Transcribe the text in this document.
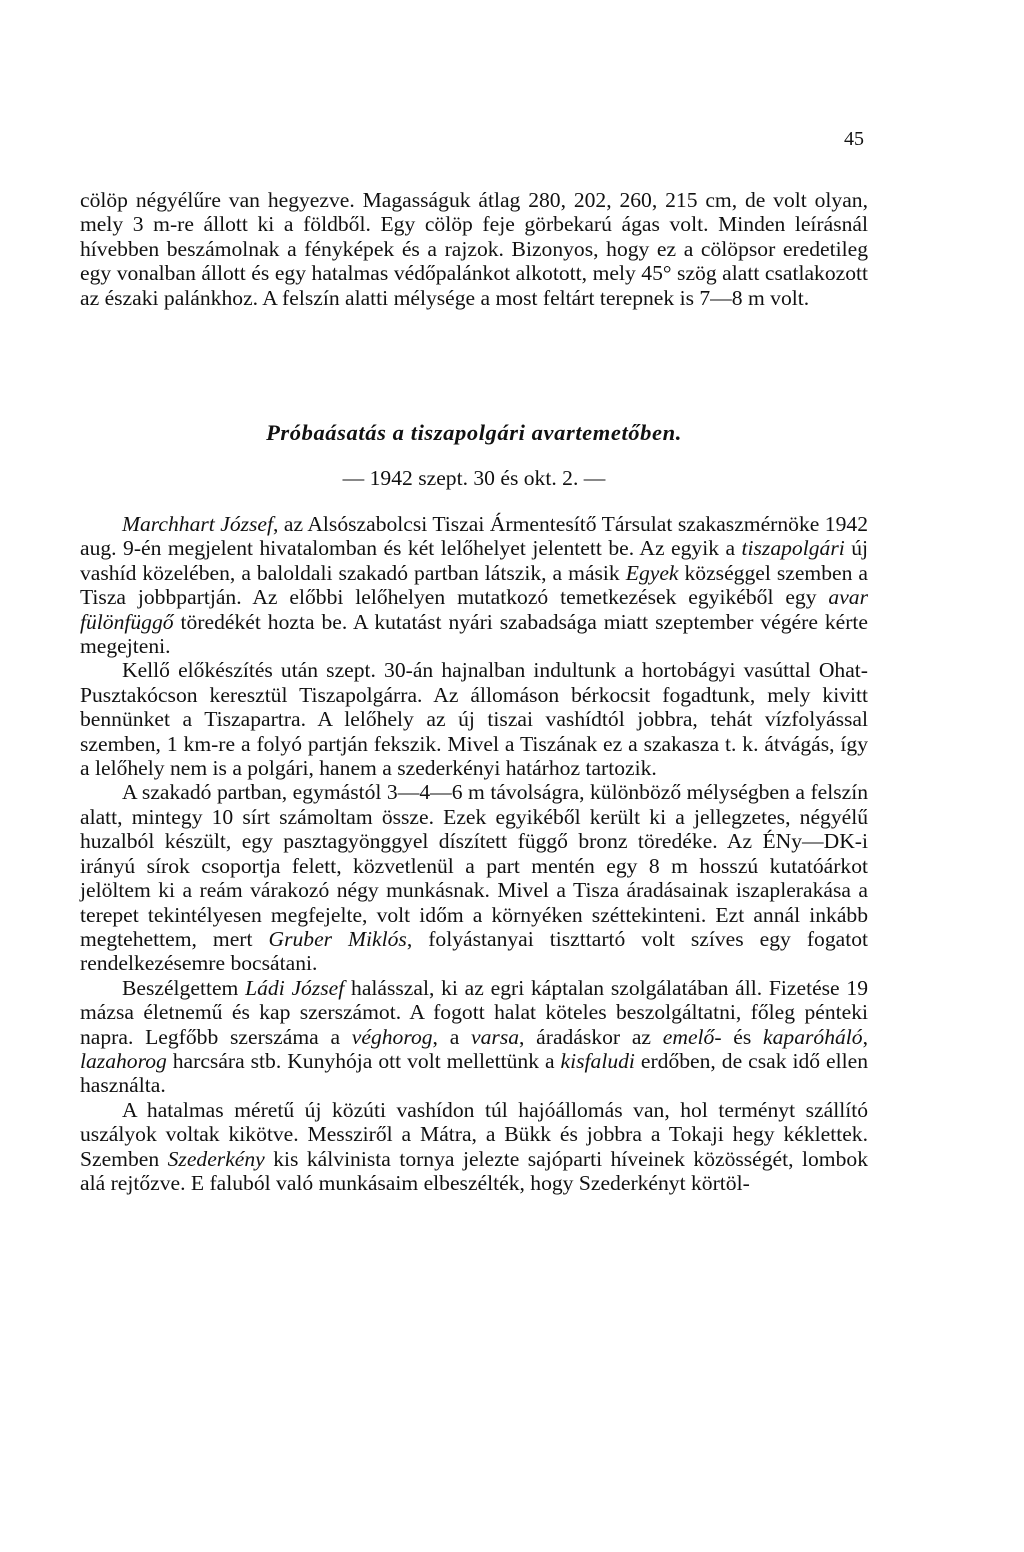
45

cölöp négyélűre van hegyezve. Magasságuk átlag 280, 202, 260, 215 cm, de volt olyan, mely 3 m-re állott ki a földből. Egy cölöp feje görbekarú ágas volt. Minden leírásnál hívebben beszámolnak a fényképek és a rajzok. Bizonyos, hogy ez a cölöpsor eredetileg egy vonalban állott és egy hatalmas védőpalánkot alkotott, mely 45° szög alatt csatlakozott az északi palánkhoz. A felszín alatti mélysége a most feltárt terepnek is 7—8 m volt.

Próbaásatás a tiszapolgári avartemetőben.
— 1942 szept. 30 és okt. 2. —

Marchhart József, az Alsószabolcsi Tiszai Ármentesítő Társulat szakaszmérnöke 1942 aug. 9-én megjelent hivatalomban és két lelőhelyet jelentett be. Az egyik a tiszapolgári új vashíd közelében, a baloldali szakadó partban látszik, a másik Egyek községgel szemben a Tisza jobbpartján. Az előbbi lelőhelyen mutatkozó temetkezések egyikéből egy avar fülönfüggő töredékét hozta be. A kutatást nyári szabadsága miatt szeptember végére kérte megejteni.

Kellő előkészítés után szept. 30-án hajnalban indultunk a hortobágyi vasúttal Ohat-Pusztakócson keresztül Tiszapolgárra. Az állomáson bérkocsit fogadtunk, mely kivitt bennünket a Tiszapartra. A lelőhely az új tiszai vashídtól jobbra, tehát vízfolyással szemben, 1 km-re a folyó partján fekszik. Mivel a Tiszának ez a szakasza t. k. átvágás, így a lelőhely nem is a polgári, hanem a szederkényi határhoz tartozik.

A szakadó partban, egymástól 3—4—6 m távolságra, különböző mélységben a felszín alatt, mintegy 10 sírt számoltam össze. Ezek egyikéből került ki a jellegzetes, négyélű huzalból készült, egy pasztagyönggyel díszített függő bronz töredéke. Az ÉNy—DK-i irányú sírok csoportja felett, közvetlenül a part mentén egy 8 m hosszú kutatóárkot jelöltem ki a reám várakozó négy munkásnak. Mivel a Tisza áradásainak iszaplerakása a terepet tekintélyesen megfejelte, volt időm a környéken széttekinteni. Ezt annál inkább megtehettem, mert Gruber Miklós, folyástanyai tiszttartó volt szíves egy fogatot rendelkezésemre bocsátani.

Beszélgettem Ládi József halásszal, ki az egri káptalan szolgálatában áll. Fizetése 19 mázsa életnemű és kap szerszámot. A fogott halat köteles beszolgáltatni, főleg pénteki napra. Legfőbb szerszáma a véghorog, a varsa, áradáskor az emelő- és kaparóháló, lazahorog harcsára stb. Kunyhója ott volt mellettünk a kisfaludi erdőben, de csak idő ellen használta.

A hatalmas méretű új közúti vashídon túl hajóállomás van, hol terményt szállító uszályok voltak kikötve. Messziről a Mátra, a Bükk és jobbra a Tokaji hegy kéklettek. Szemben Szederkény kis kálvinista tornya jelezte sajóparti híveinek közösségét, lombok alá rejtőzve. E faluból való munkásaim elbeszélték, hogy Szederkényt körtöl-
